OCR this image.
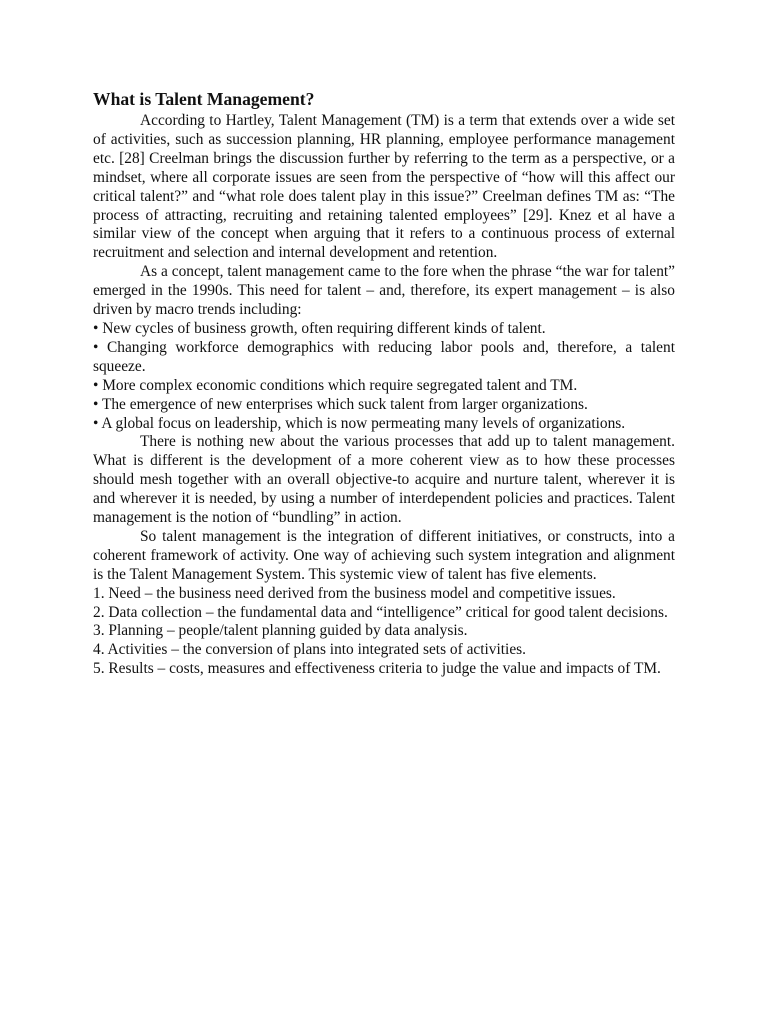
What is Talent Management?

According to Hartley, Talent Management (TM) is a term that extends over a wide set of activities, such as succession planning, HR planning, employee performance management etc. [28] Creelman brings the discussion further by referring to the term as a perspective, or a mindset, where all corporate issues are seen from the perspective of “how will this affect our critical talent?” and “what role does talent play in this issue?” Creelman defines TM as: “The process of attracting, recruiting and retaining talented employees” [29]. Knez et al have a similar view of the concept when arguing that it refers to a continuous process of external recruitment and selection and internal development and retention.

As a concept, talent management came to the fore when the phrase “the war for talent” emerged in the 1990s. This need for talent – and, therefore, its expert management – is also driven by macro trends including:

• New cycles of business growth, often requiring different kinds of talent.

• Changing workforce demographics with reducing labor pools and, therefore, a talent squeeze.

• More complex economic conditions which require segregated talent and TM.

• The emergence of new enterprises which suck talent from larger organizations.

• A global focus on leadership, which is now permeating many levels of organizations.

There is nothing new about the various processes that add up to talent management. What is different is the development of a more coherent view as to how these processes should mesh together with an overall objective-to acquire and nurture talent, wherever it is and wherever it is needed, by using a number of interdependent policies and practices. Talent management is the notion of “bundling” in action.

So talent management is the integration of different initiatives, or constructs, into a coherent framework of activity. One way of achieving such system integration and alignment is the Talent Management System. This systemic view of talent has five elements.

1. Need – the business need derived from the business model and competitive issues.

2. Data collection – the fundamental data and “intelligence” critical for good talent decisions.

3. Planning – people/talent planning guided by data analysis.

4. Activities – the conversion of plans into integrated sets of activities.

5. Results – costs, measures and effectiveness criteria to judge the value and impacts of TM.
